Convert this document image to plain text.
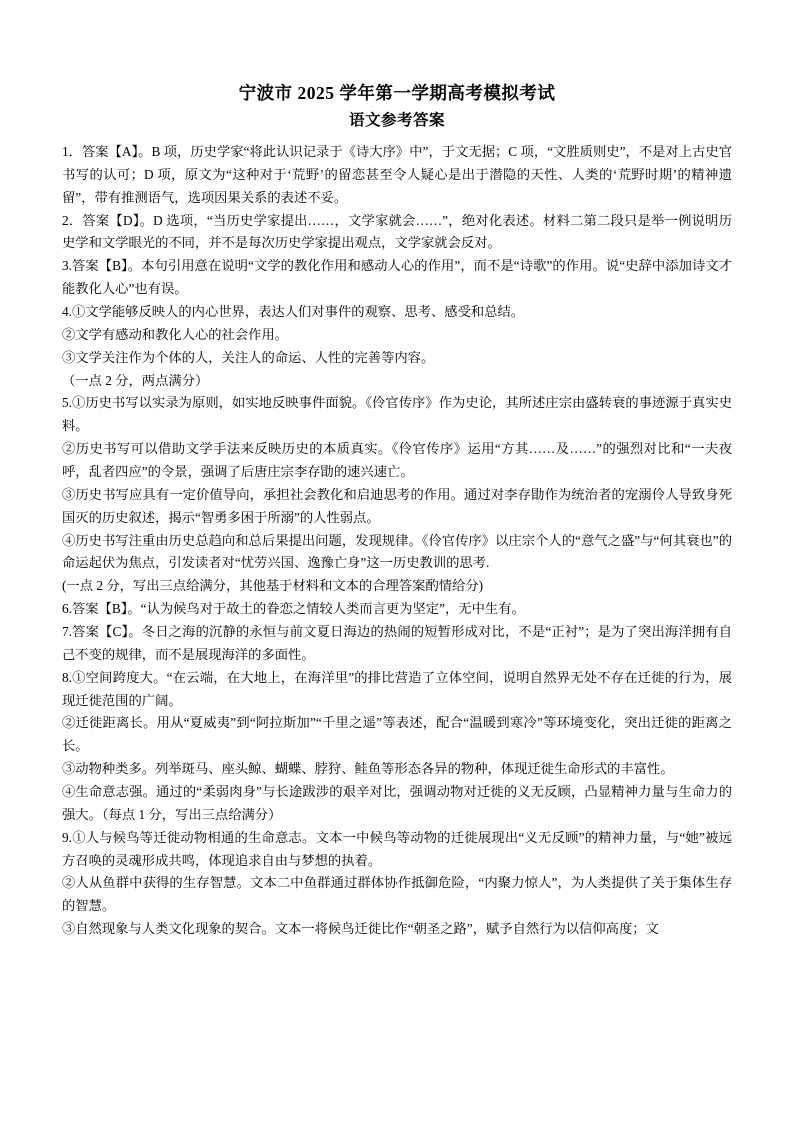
宁波市 2025 学年第一学期高考模拟考试
语文参考答案

1．答案【A】。B 项，历史学家“将此认识记录于《诗大序》中”，于文无据；C 项，“文胜质则史”，不是对上古史官书写的认可；D 项，原文为“这种对于‘荒野’的留恋甚至令人疑心是出于潜隐的天性、人类的‘荒野时期’的精神遗留”，带有推测语气，选项因果关系的表述不妥。

2．答案【D】。D 选项，“当历史学家提出……，文学家就会……”，绝对化表述。材料二第二段只是举一例说明历史学和文学眼光的不同，并不是每次历史学家提出观点，文学家就会反对。

3.答案【B】。本句引用意在说明“文学的教化作用和感动人心的作用”，而不是“诗歌”的作用。说“史辞中添加诗文才能教化人心”也有误。

4.①文学能够反映人的内心世界，表达人们对事件的观察、思考、感受和总结。

②文学有感动和教化人心的社会作用。

③文学关注作为个体的人，关注人的命运、人性的完善等内容。

（一点 2 分，两点满分）

5.①历史书写以实录为原则，如实地反映事件面貌。《伶官传序》作为史论，其所述庄宗由盛转衰的事迹源于真实史料。

②历史书写可以借助文学手法来反映历史的本质真实。《伶官传序》运用“方其……及……”的强烈对比和“一夫夜呼，乱者四应”的令景，强调了后唐庄宗李存勖的速兴速亡。

③历史书写应具有一定价值导向，承担社会教化和启迪思考的作用。通过对李存勖作为统治者的宠溺伶人导致身死国灭的历史叙述，揭示“智勇多困于所溺”的人性弱点。

④历史书写注重由历史总趋向和总后果提出问题，发现规律。《伶官传序》以庄宗个人的“意气之盛”与“何其衰也”的命运起伏为焦点，引发读者对“忧劳兴国、逸豫亡身”这一历史教训的思考.

(一点 2 分，写出三点给满分，其他基于材料和文本的合理答案酌情给分)

6.答案【B】。“认为候鸟对于故土的眷恋之情较人类而言更为坚定”，无中生有。

7.答案【C】。冬日之海的沉静的永恒与前文夏日海边的热闹的短暂形成对比，不是“正衬”；是为了突出海洋拥有自己不变的规律，而不是展现海洋的多面性。

8.①空间跨度大。“在云端，在大地上，在海洋里”的排比营造了立体空间，说明自然界无处不存在迁徙的行为，展现迁徙范围的广阔。

②迁徙距离长。用从“夏威夷”到“阿拉斯加”“千里之遥”等表述，配合“温暖到寒冷”等环境变化，突出迁徙的距离之长。

③动物种类多。列举斑马、座头鲸、蝴蝶、脖狩、鲑鱼等形态各异的物种，体现迁徙生命形式的丰富性。

④生命意志强。通过的“柔弱肉身”与长途跋涉的艰辛对比，强调动物对迁徙的义无反顾，凸显精神力量与生命力的强大。（每点 1 分，写出三点给满分）

9.①人与候鸟等迁徙动物相通的生命意志。文本一中候鸟等动物的迁徙展现出“义无反顾”的精神力量，与“她”被远方召唤的灵魂形成共鸣，体现追求自由与梦想的执着。

②人从鱼群中获得的生存智慧。文本二中鱼群通过群体协作抵御危险，“内聚力惊人”，为人类提供了关于集体生存的智慧。

③自然现象与人类文化现象的契合。文本一将候鸟迁徙比作“朝圣之路”，赋予自然行为以信仰高度；文
